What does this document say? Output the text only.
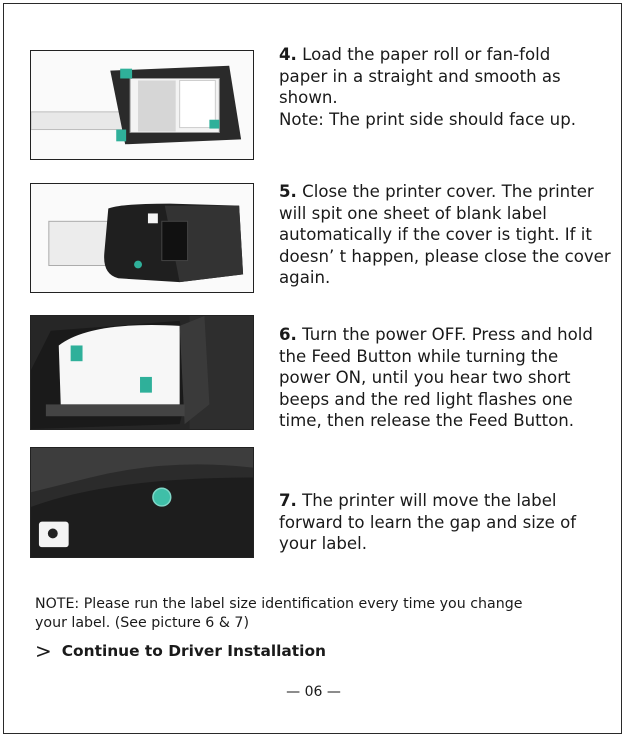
4. Load the paper roll or fan-fold
paper in a straight and smooth as
shown.
Note: The print side should face up.
5. Close the printer cover. The printer
will spit one sheet of blank label
automatically if the cover is tight. If it
doesn’ t happen, please close the cover
again.
6. Turn the power OFF. Press and hold
the Feed Button while turning the
power ON, until you hear two short
beeps and the red light flashes one
time, then release the Feed Button.
7. The printer will move the label
forward to learn the gap and size of
your label.
NOTE: Please run the label size identification every time you change
your label. (See picture 6 & 7)
> Continue to Driver Installation
— 06 —
